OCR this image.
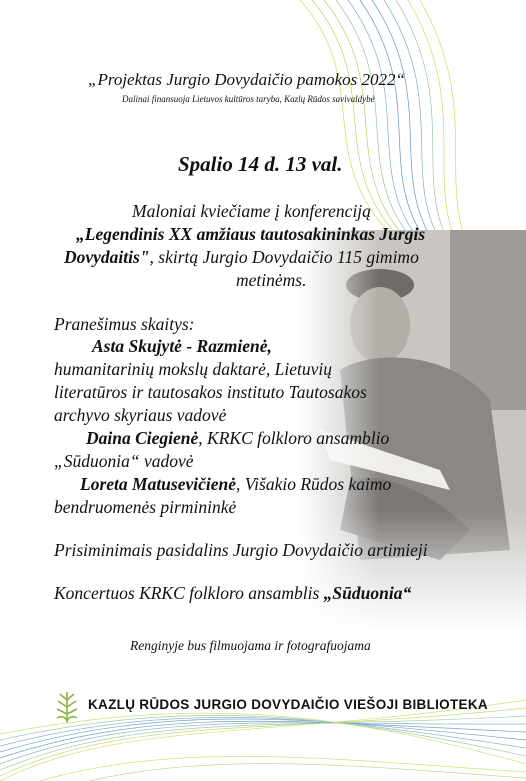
„Projektas Jurgio Dovydaičio pamokos 2022“
Dalinai finansuoja Lietuvos kultūros taryba, Kazlų Rūdos savivaldybė
Spalio 14 d. 13 val.
Maloniai kviečiame į konferenciją
„Legendinis XX amžiaus tautosakininkas Jurgis
Dovydaitis", skirtą Jurgio Dovydaičio 115 gimimo
metinėms.
Pranešimus skaitys:
Asta Skujytė - Razmienė,
humanitarinių mokslų daktarė, Lietuvių
literatūros ir tautosakos instituto Tautosakos
archyvo skyriaus vadovė
Daina Ciegienė, KRKC folkloro ansamblio
„Sūduonia“ vadovė
Loreta Matusevičienė, Višakio Rūdos kaimo
bendruomenės pirmininkė
Prisiminimais pasidalins Jurgio Dovydaičio artimieji
Koncertuos KRKC folkloro ansamblis „Sūduonia“
Renginyje bus filmuojama ir fotografuojama
KAZLŲ RŪDOS JURGIO DOVYDAIČIO VIEŠOJI BIBLIOTEKA
